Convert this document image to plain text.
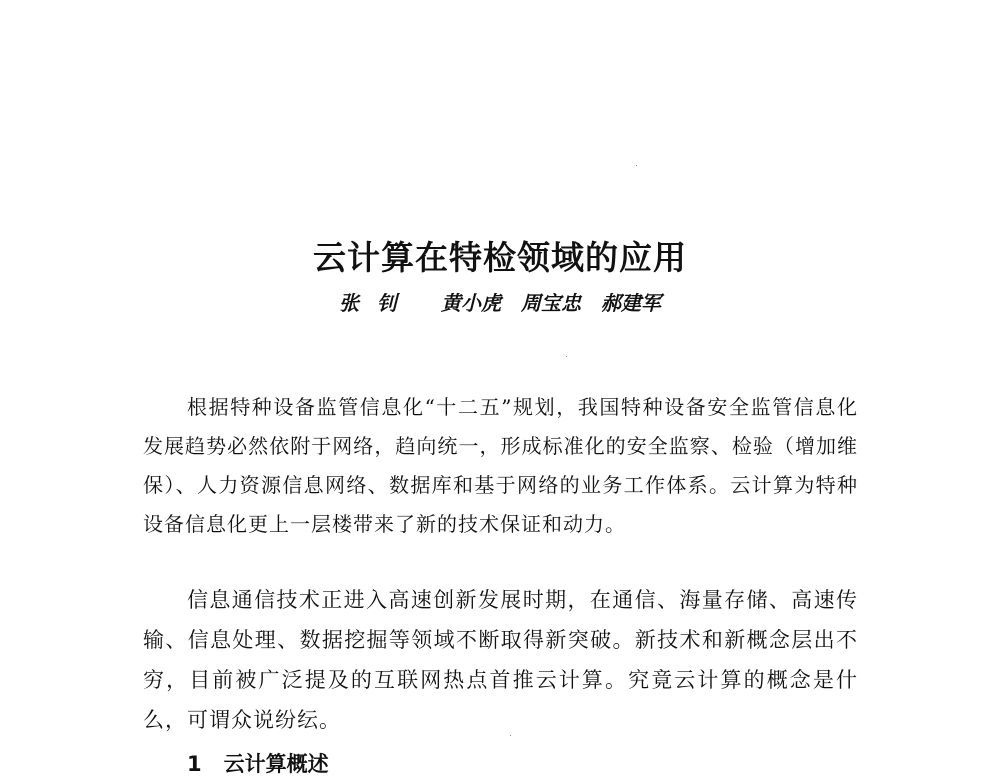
云计算在特检领域的应用
张钊 黄小虎 周宝忠 郝建军

根据特种设备监管信息化“十二五”规划，我国特种设备安全监管信息化发展趋势必然依附于网络，趋向统一，形成标准化的安全监察、检验（增加维保）、人力资源信息网络、数据库和基于网络的业务工作体系。云计算为特种设备信息化更上一层楼带来了新的技术保证和动力。

信息通信技术正进入高速创新发展时期，在通信、海量存储、高速传输、信息处理、数据挖掘等领域不断取得新突破。新技术和新概念层出不穷，目前被广泛提及的互联网热点首推云计算。究竟云计算的概念是什么，可谓众说纷纭。

1 云计算概述
